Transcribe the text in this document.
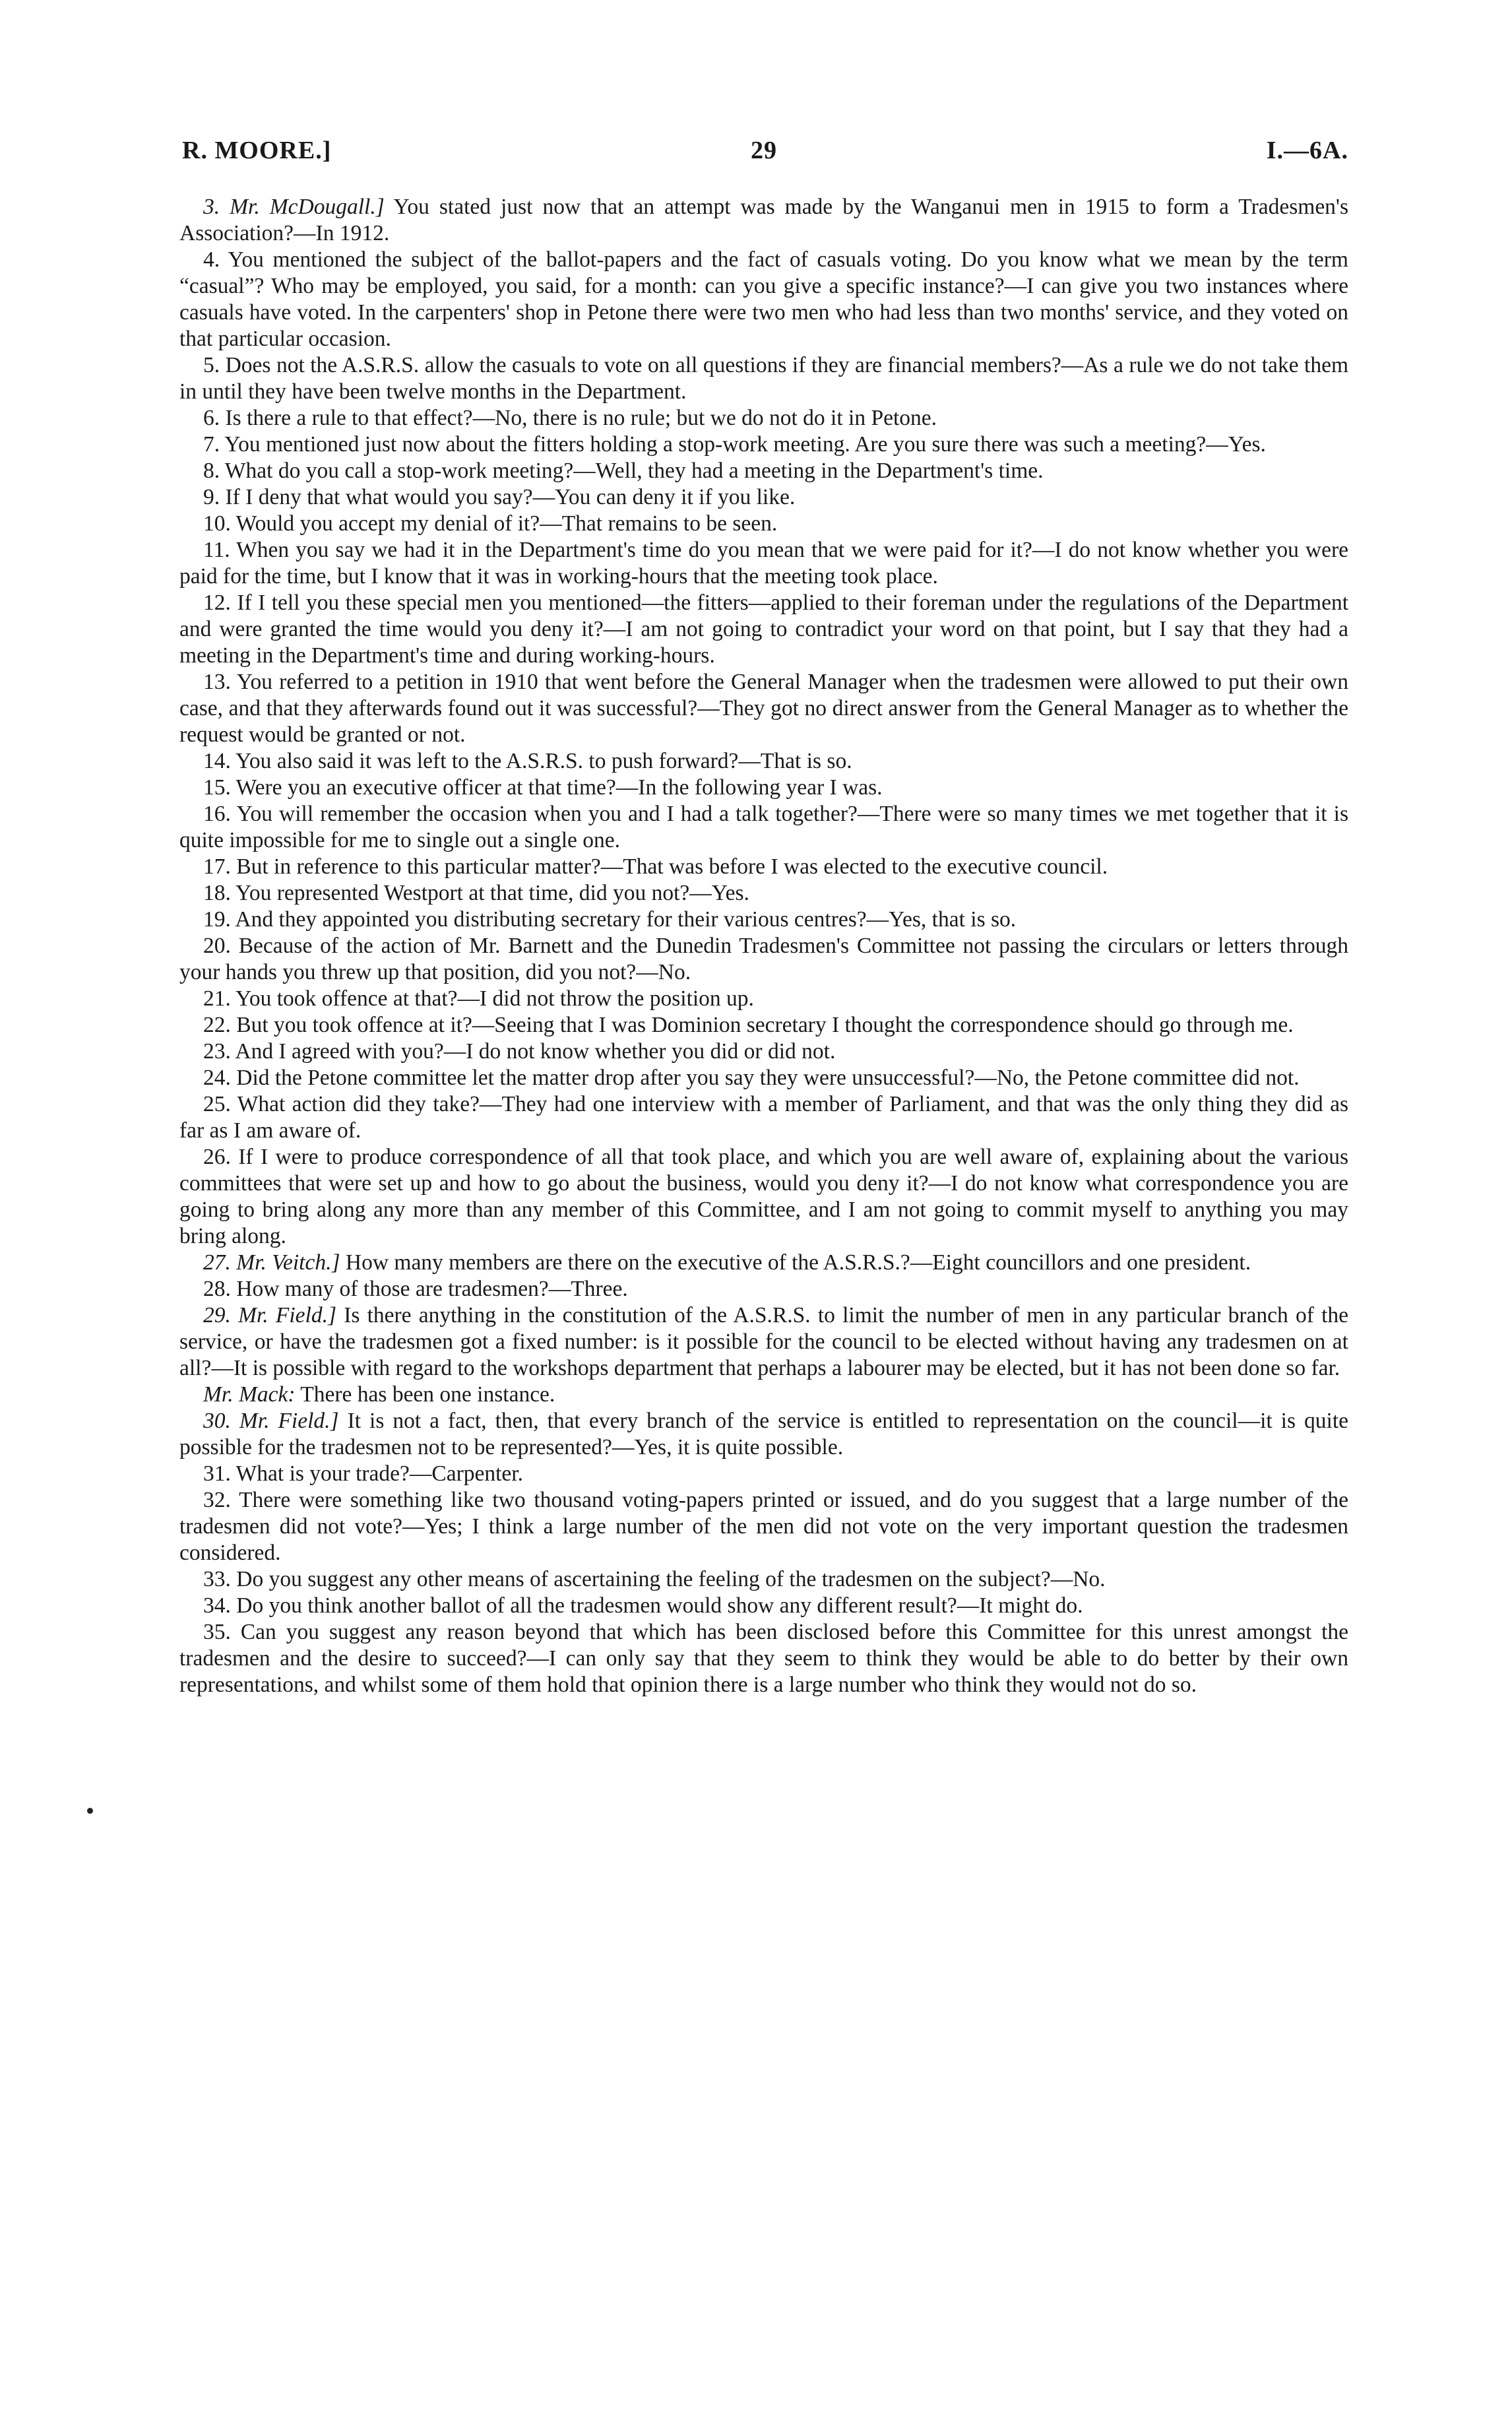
R. MOORE.]	29	I.—6A.

3. Mr. McDougall.] You stated just now that an attempt was made by the Wanganui men in 1915 to form a Tradesmen's Association?—In 1912.

4. You mentioned the subject of the ballot-papers and the fact of casuals voting. Do you know what we mean by the term “casual”? Who may be employed, you said, for a month: can you give a specific instance?—I can give you two instances where casuals have voted. In the carpenters' shop in Petone there were two men who had less than two months' service, and they voted on that particular occasion.

5. Does not the A.S.R.S. allow the casuals to vote on all questions if they are financial members?—As a rule we do not take them in until they have been twelve months in the Department.

6. Is there a rule to that effect?—No, there is no rule; but we do not do it in Petone.

7. You mentioned just now about the fitters holding a stop-work meeting. Are you sure there was such a meeting?—Yes.

8. What do you call a stop-work meeting?—Well, they had a meeting in the Department's time.

9. If I deny that what would you say?—You can deny it if you like.

10. Would you accept my denial of it?—That remains to be seen.

11. When you say we had it in the Department's time do you mean that we were paid for it?—I do not know whether you were paid for the time, but I know that it was in working-hours that the meeting took place.

12. If I tell you these special men you mentioned—the fitters—applied to their foreman under the regulations of the Department and were granted the time would you deny it?—I am not going to contradict your word on that point, but I say that they had a meeting in the Department's time and during working-hours.

13. You referred to a petition in 1910 that went before the General Manager when the tradesmen were allowed to put their own case, and that they afterwards found out it was successful?—They got no direct answer from the General Manager as to whether the request would be granted or not.

14. You also said it was left to the A.S.R.S. to push forward?—That is so.

15. Were you an executive officer at that time?—In the following year I was.

16. You will remember the occasion when you and I had a talk together?—There were so many times we met together that it is quite impossible for me to single out a single one.

17. But in reference to this particular matter?—That was before I was elected to the executive council.

18. You represented Westport at that time, did you not?—Yes.

19. And they appointed you distributing secretary for their various centres?—Yes, that is so.

20. Because of the action of Mr. Barnett and the Dunedin Tradesmen's Committee not passing the circulars or letters through your hands you threw up that position, did you not?—No.

21. You took offence at that?—I did not throw the position up.

22. But you took offence at it?—Seeing that I was Dominion secretary I thought the correspondence should go through me.

23. And I agreed with you?—I do not know whether you did or did not.

24. Did the Petone committee let the matter drop after you say they were unsuccessful?—No, the Petone committee did not.

25. What action did they take?—They had one interview with a member of Parliament, and that was the only thing they did as far as I am aware of.

26. If I were to produce correspondence of all that took place, and which you are well aware of, explaining about the various committees that were set up and how to go about the business, would you deny it?—I do not know what correspondence you are going to bring along any more than any member of this Committee, and I am not going to commit myself to anything you may bring along.

27. Mr. Veitch.] How many members are there on the executive of the A.S.R.S.?—Eight councillors and one president.

28. How many of those are tradesmen?—Three.

29. Mr. Field.] Is there anything in the constitution of the A.S.R.S. to limit the number of men in any particular branch of the service, or have the tradesmen got a fixed number: is it possible for the council to be elected without having any tradesmen on at all?—It is possible with regard to the workshops department that perhaps a labourer may be elected, but it has not been done so far.

Mr. Mack: There has been one instance.

30. Mr. Field.] It is not a fact, then, that every branch of the service is entitled to representation on the council—it is quite possible for the tradesmen not to be represented?—Yes, it is quite possible.

31. What is your trade?—Carpenter.

32. There were something like two thousand voting-papers printed or issued, and do you suggest that a large number of the tradesmen did not vote?—Yes; I think a large number of the men did not vote on the very important question the tradesmen considered.

33. Do you suggest any other means of ascertaining the feeling of the tradesmen on the subject?—No.

34. Do you think another ballot of all the tradesmen would show any different result?—It might do.

35. Can you suggest any reason beyond that which has been disclosed before this Committee for this unrest amongst the tradesmen and the desire to succeed?—I can only say that they seem to think they would be able to do better by their own representations, and whilst some of them hold that opinion there is a large number who think they would not do so.
